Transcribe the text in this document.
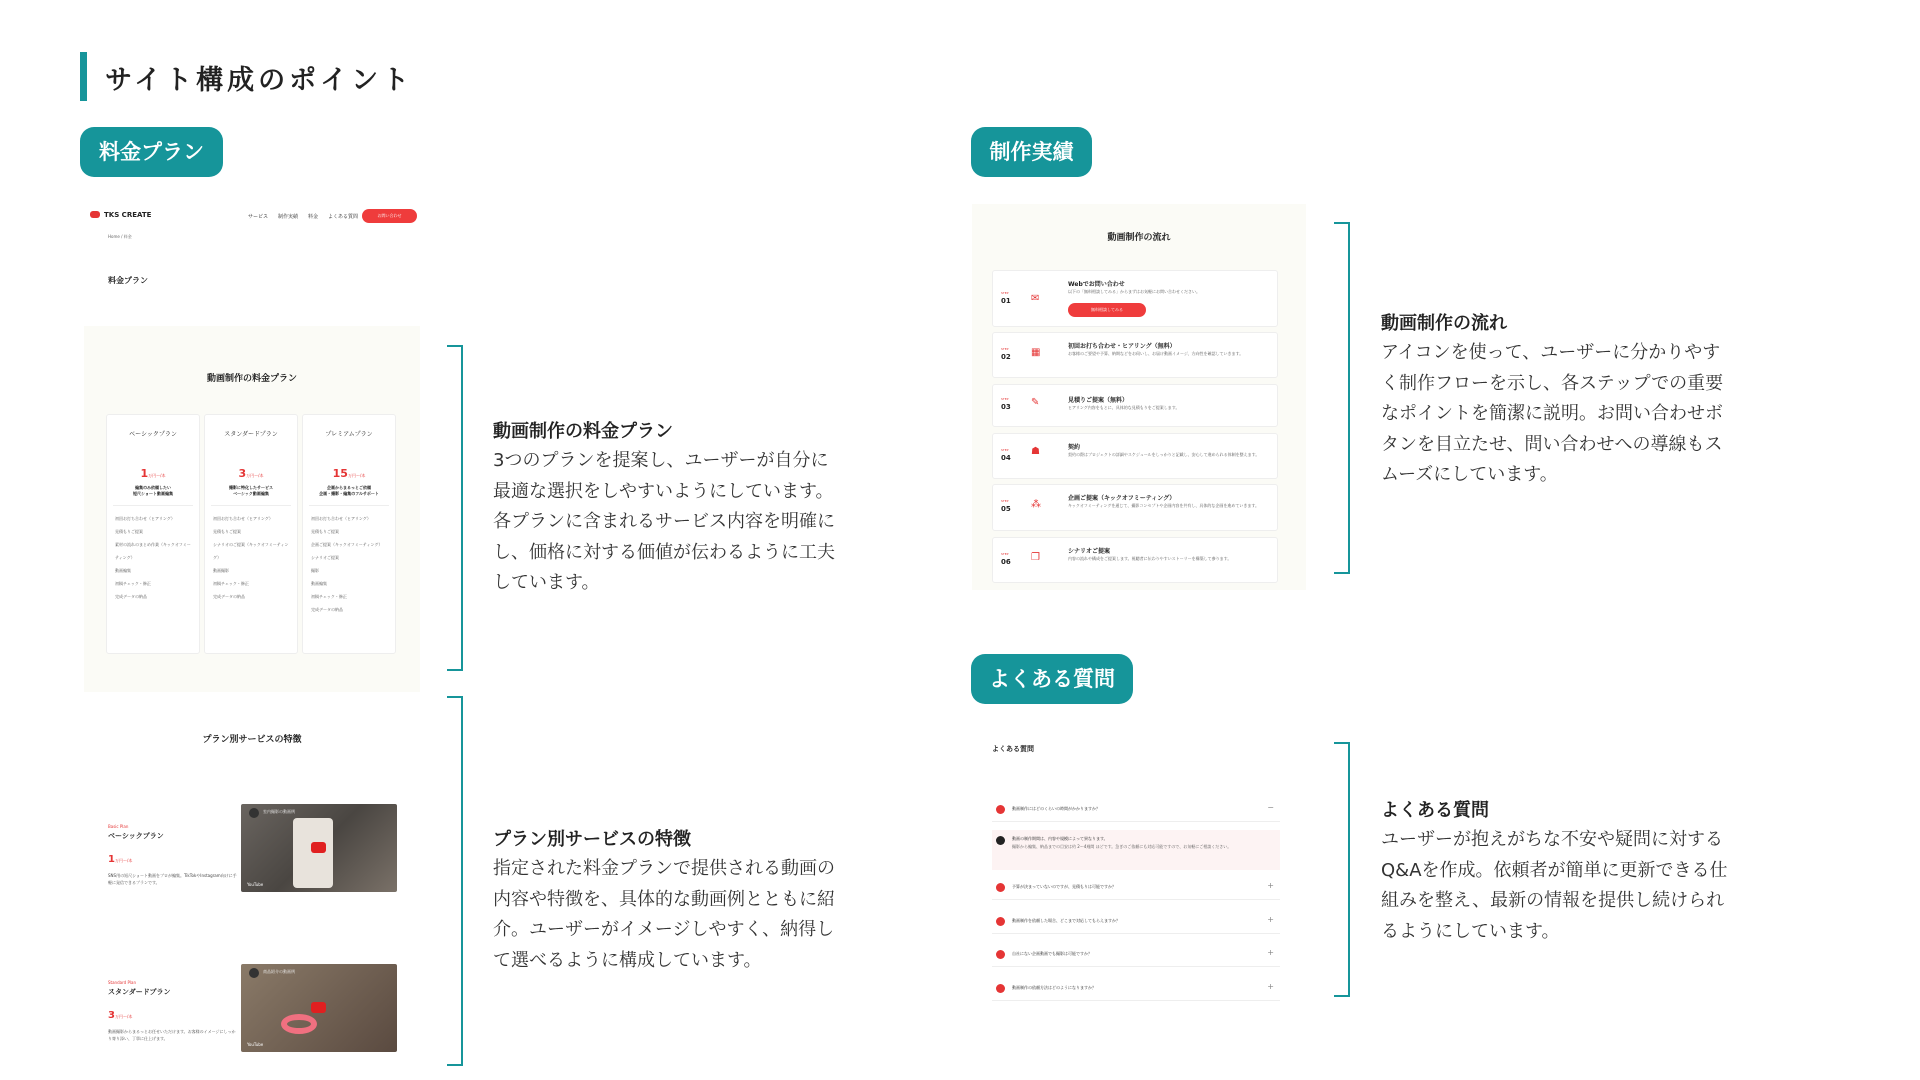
サイト構成のポイント
料金プラン	制作実績
よくある質問
TKS CREATE	サービス 制作実績 料金 よくある質問	お問い合わせ
Home / 料金
料金プラン
動画制作の料金プラン
ベーシックプラン
1万円〜/本
編集のみ依頼したい
短尺ショート動画編集
初回お打ち合わせ（ヒアリング）
見積もりご提案
素材の流れのまとめ作業（キックオフミーティング）
動画編集
初稿チェック・修正
完成データの納品
スタンダードプラン
3万円〜/本
撮影に特化したサービス
ベーシック動画編集
初回お打ち合わせ（ヒアリング）
見積もりご提案
シナリオのご提案（キックオフミーティング）
動画撮影
初稿チェック・修正
完成データの納品
プレミアムプラン
15万円〜/本
企画からまるっとご依頼
企画・撮影・編集のフルサポート
初回お打ち合わせ（ヒアリング）
見積もりご提案
企画ご提案（キックオフミーティング）
シナリオご提案
撮影
動画編集
初稿チェック・修正
完成データの納品
プラン別サービスの特徴
Basic Plan
ベーシックプラン
1万円〜/本
SNS用の短尺ショート動画をプロが編集。TikTokやInstagram向けに手軽に発信できるプランです。
室内撮影の動画例
YouTube
Standard Plan
スタンダードプラン
3万円〜/本
動画撮影からまるっとお任せいただけます。お客様のイメージにしっかり寄り添い、丁寧に仕上げます。
商品紹介の動画例
YouTube
動画制作の料金プラン
3つのプランを提案し、ユーザーが自分に
最適な選択をしやすいようにしています。
各プランに含まれるサービス内容を明確に
し、価格に対する価値が伝わるように工夫
しています。
プラン別サービスの特徴
指定された料金プランで提供される動画の
内容や特徴を、具体的な動画例とともに紹
介。ユーザーがイメージしやすく、納得し
て選べるように構成しています。
動画制作の流れ
STEP
01 ✉
Webでお問い合わせ
以下の「無料相談してみる」からまずはお気軽にお問い合わせください。
無料相談してみる
STEP
02 ▦
初回お打ち合わせ・ヒアリング（無料）
お客様のご要望や予算、納期などをお伺いし、お届け動画イメージ、方向性を確認していきます。
STEP
03 ✎	見積りご提案（無料）
ヒアリング内容をもとに、具体的な見積もりをご提案します。
STEP
04
☗	契約
契約の際はプロジェクトの詳細やスケジュールをしっかりと記載し、安心して進められる体制を整えます。
STEP
05 ⁂
企画ご提案（キックオフミーティング）
キックオフミーティングを通じて、撮影コンセプトや企画内容を共有し、具体的な企画を進めていきます。
STEP
06 ❐
シナリオご提案
内容の流れや構成をご提案します。視聴者に伝わりやすいストーリーを構築して参ります。
よくある質問
動画制作にはどのくらいの時間がかかりますか？	−
動画の制作期間は、内容や規模によって異なります。
撮影から編集、納品までの目安は約 2〜4週間 ほどです。急ぎのご依頼にも対応可能ですので、お気軽にご相談ください。
予算が決まっていないのですが、見積もりは可能ですか？	+
動画制作を依頼した場合、どこまで対応してもらえますか？	+
自社にない企画動画でも撮影は可能ですか？	+
動画制作の依頼方法はどのようになりますか？	+
動画制作の流れ
アイコンを使って、ユーザーに分かりやす
く制作フローを示し、各ステップでの重要
なポイントを簡潔に説明。お問い合わせボ
タンを目立たせ、問い合わせへの導線もス
ムーズにしています。
よくある質問
ユーザーが抱えがちな不安や疑問に対する
Q&Aを作成。依頼者が簡単に更新できる仕
組みを整え、最新の情報を提供し続けられ
るようにしています。
